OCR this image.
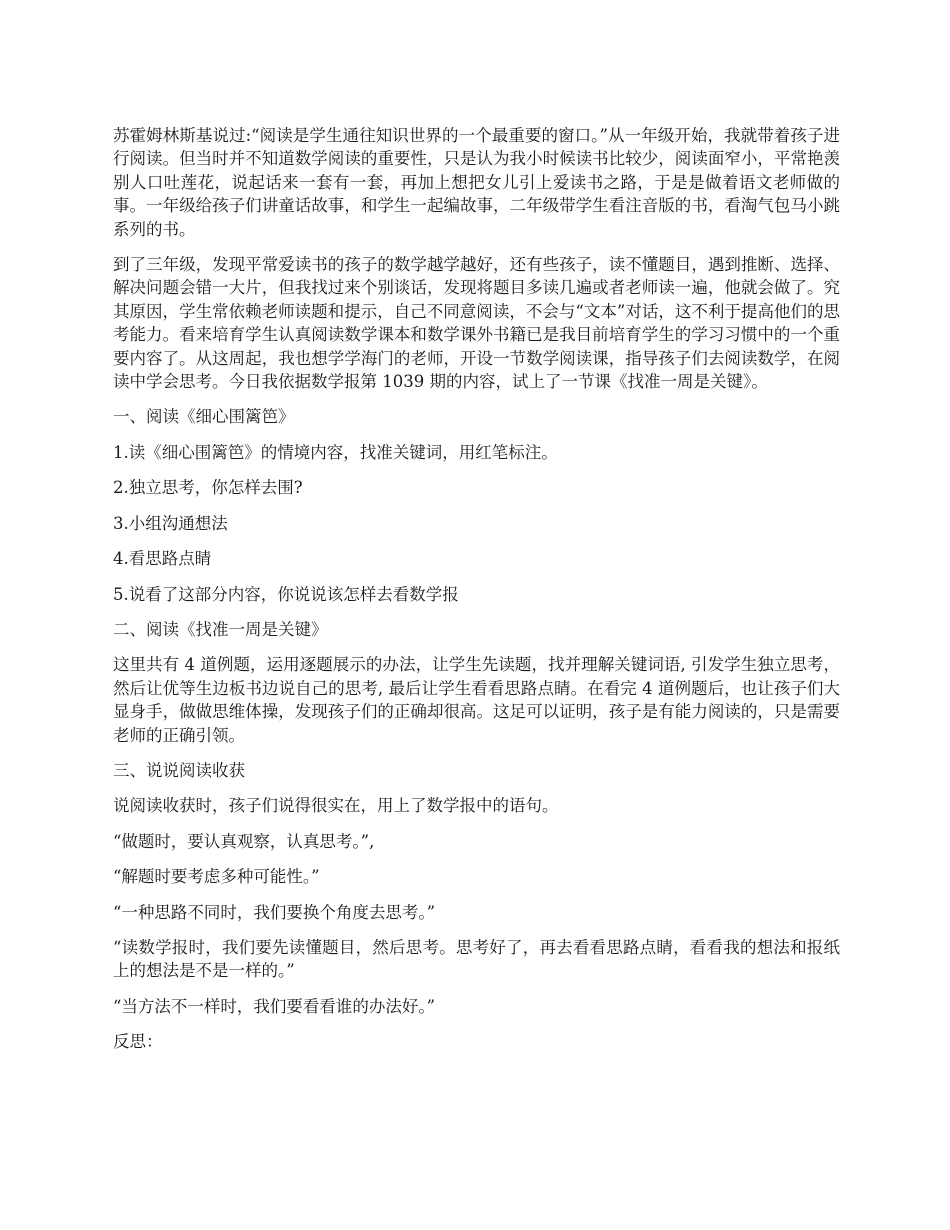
苏霍姆林斯基说过:“阅读是学生通往知识世界的一个最重要的窗口。”从一年级开始，我就带着孩子进行阅读。但当时并不知道数学阅读的重要性，只是认为我小时候读书比较少，阅读面窄小，平常艳羡别人口吐莲花，说起话来一套有一套，再加上想把女儿引上爱读书之路，于是是做着语文老师做的事。一年级给孩子们讲童话故事，和学生一起编故事，二年级带学生看注音版的书，看淘气包马小跳系列的书。

到了三年级，发现平常爱读书的孩子的数学越学越好，还有些孩子，读不懂题目，遇到推断、选择、解决问题会错一大片，但我找过来个别谈话，发现将题目多读几遍或者老师读一遍，他就会做了。究其原因，学生常依赖老师读题和提示，自己不同意阅读，不会与“文本”对话，这不利于提高他们的思考能力。看来培育学生认真阅读数学课本和数学课外书籍已是我目前培育学生的学习习惯中的一个重要内容了。从这周起，我也想学学海门的老师，开设一节数学阅读课，指导孩子们去阅读数学，在阅读中学会思考。今日我依据数学报第 1039 期的内容，试上了一节课《找准一周是关键》。

一、阅读《细心围篱笆》

1.读《细心围篱笆》的情境内容，找准关键词，用红笔标注。

2.独立思考，你怎样去围?

3.小组沟通想法

4.看思路点睛

5.说看了这部分内容，你说说该怎样去看数学报

二、阅读《找准一周是关键》

这里共有 4 道例题，运用逐题展示的办法，让学生先读题，找并理解关键词语, 引发学生独立思考，然后让优等生边板书边说自己的思考, 最后让学生看看思路点睛。在看完 4 道例题后，也让孩子们大显身手，做做思维体操，发现孩子们的正确却很高。这足可以证明，孩子是有能力阅读的，只是需要老师的正确引领。

三、说说阅读收获

说阅读收获时，孩子们说得很实在，用上了数学报中的语句。

“做题时，要认真观察，认真思考。”,

“解题时要考虑多种可能性。”

“一种思路不同时，我们要换个角度去思考。”

“读数学报时，我们要先读懂题目，然后思考。思考好了，再去看看思路点睛，看看我的想法和报纸上的想法是不是一样的。”

“当方法不一样时，我们要看看谁的办法好。”

反思：
